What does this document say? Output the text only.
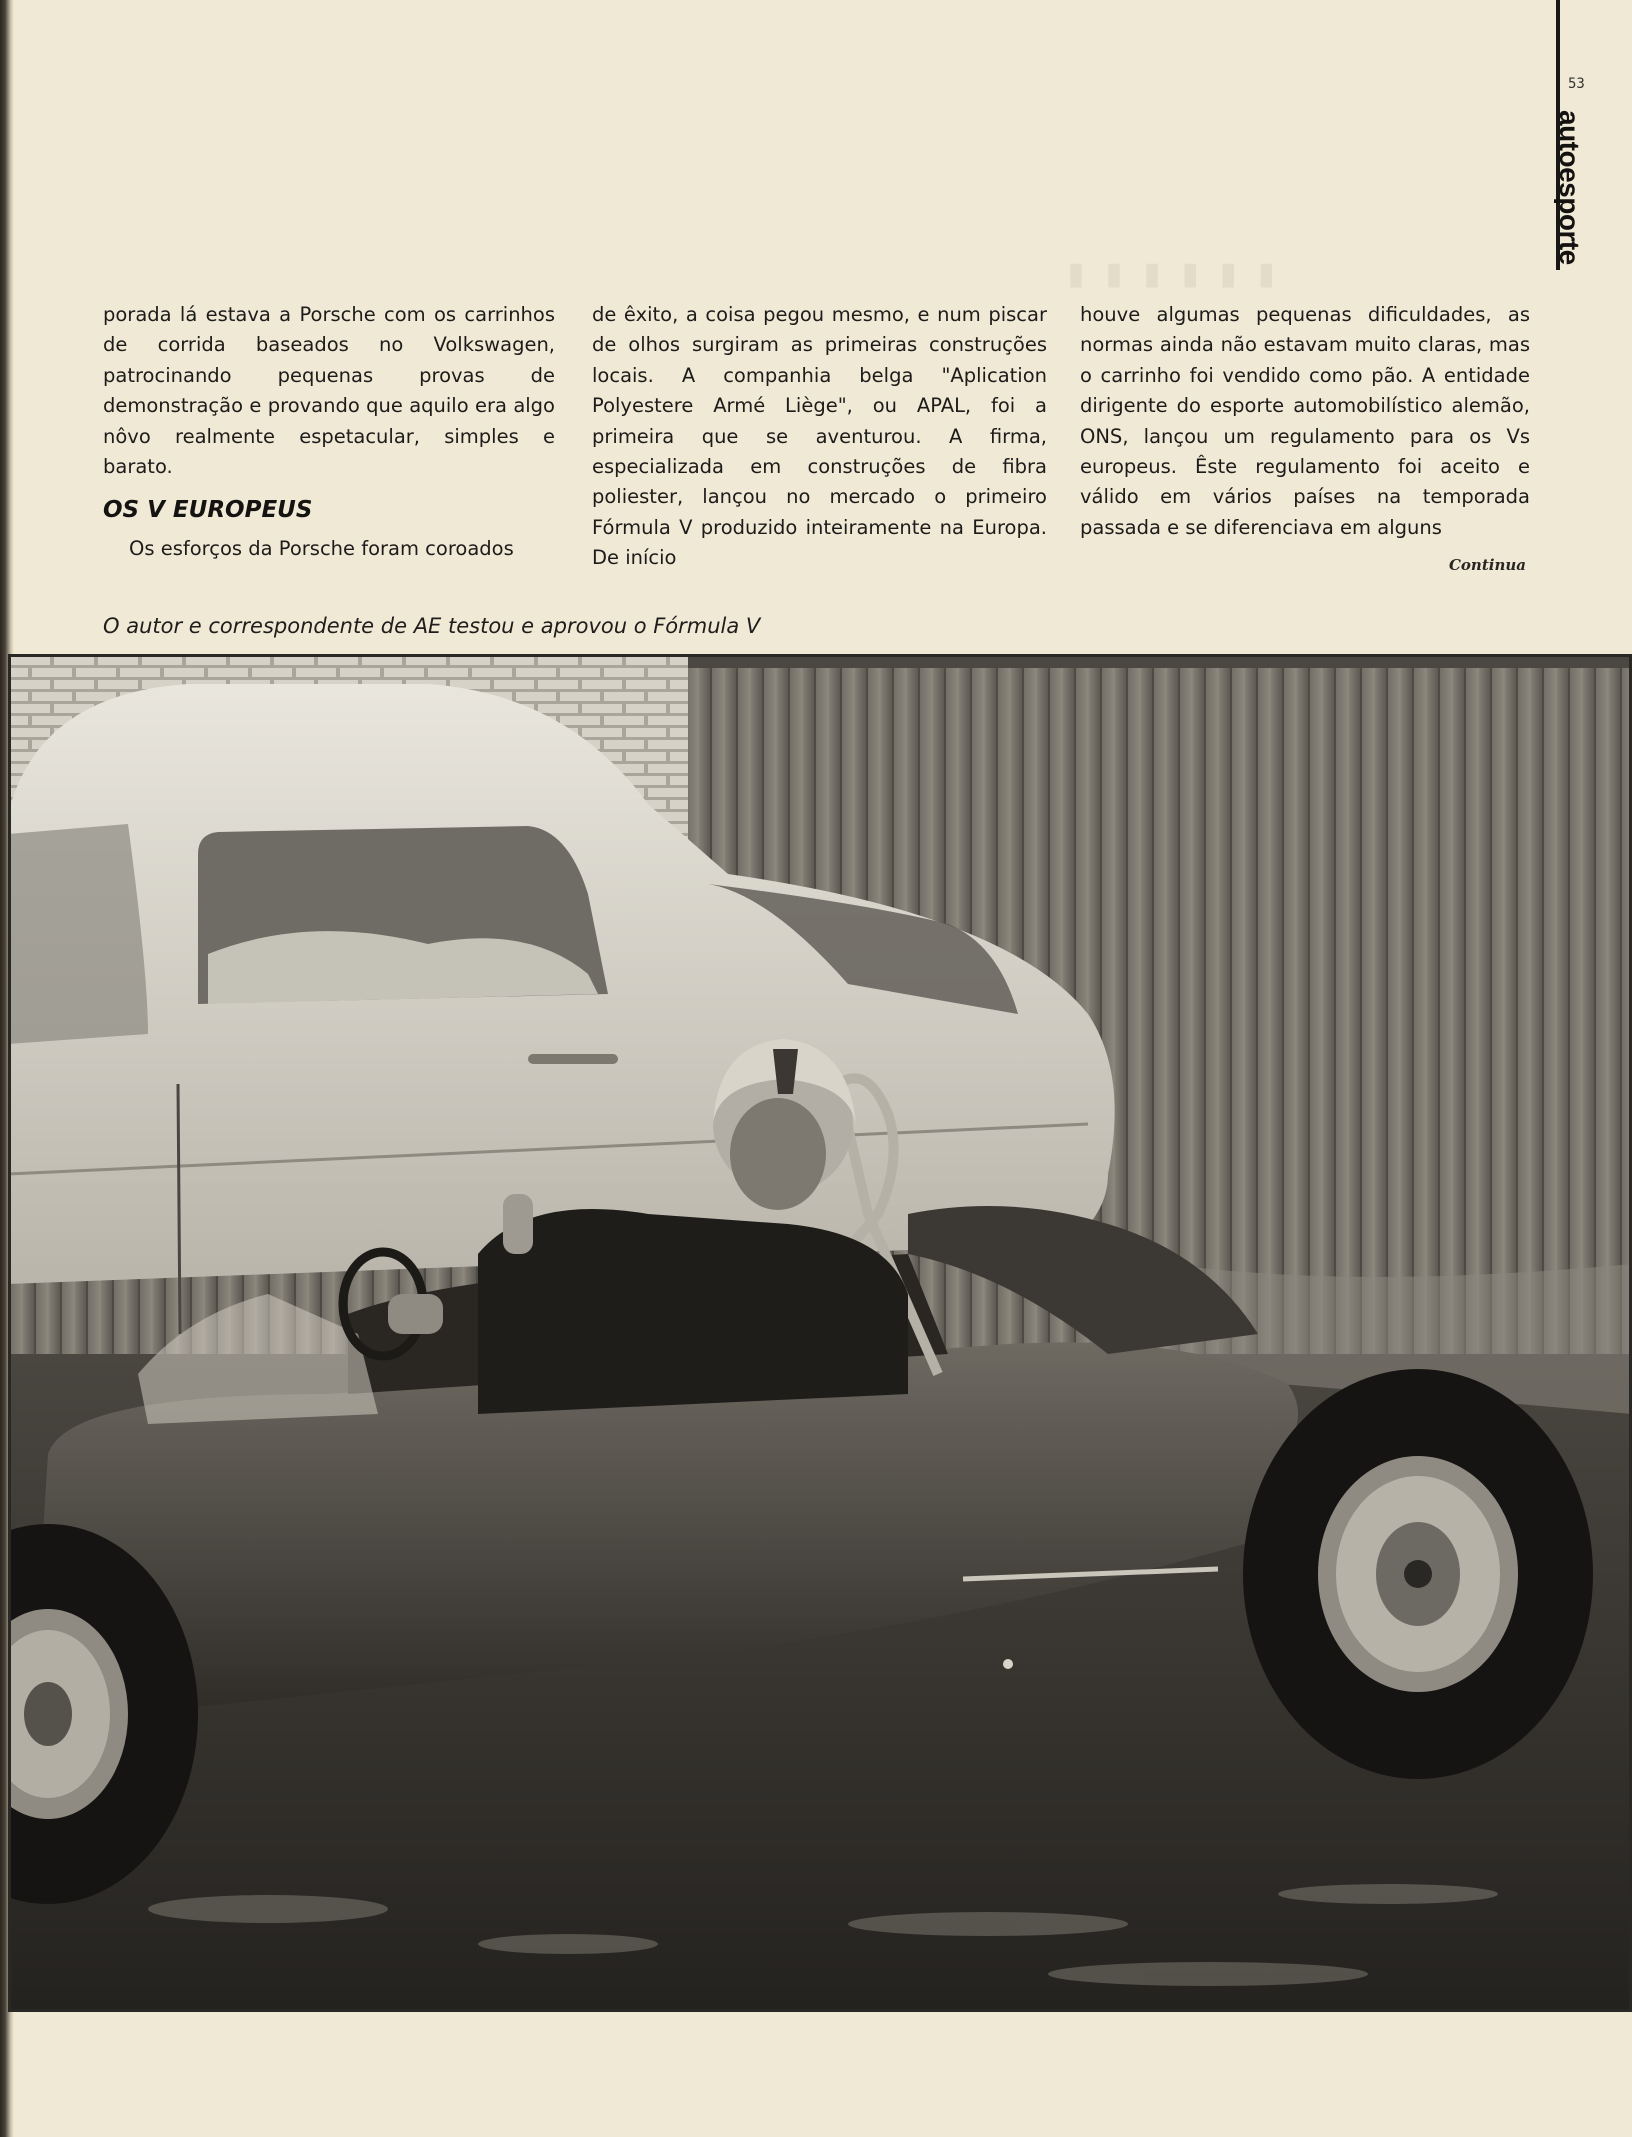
53
autoesporte
▮▮▮▮▮▮

porada lá estava a Porsche com os carrinhos de corrida baseados no Volkswagen, patrocinando pequenas provas de demonstração e provando que aquilo era algo nôvo realmente espetacular, simples e barato.

OS V EUROPEUS

Os esforços da Porsche foram coroados

de êxito, a coisa pegou mesmo, e num piscar de olhos surgiram as primeiras construções locais. A companhia belga "Aplication Polyestere Armé Liège", ou APAL, foi a primeira que se aventurou. A firma, especializada em construções de fibra poliester, lançou no mercado o primeiro Fórmula V produzido inteiramente na Europa. De início

houve algumas pequenas dificuldades, as normas ainda não estavam muito claras, mas o carrinho foi vendido como pão. A entidade dirigente do esporte automobilístico alemão, ONS, lançou um regulamento para os Vs europeus. Êste regulamento foi aceito e válido em vários países na temporada passada e se diferenciava em alguns

Continua
O autor e correspondente de AE testou e aprovou o Fórmula V
